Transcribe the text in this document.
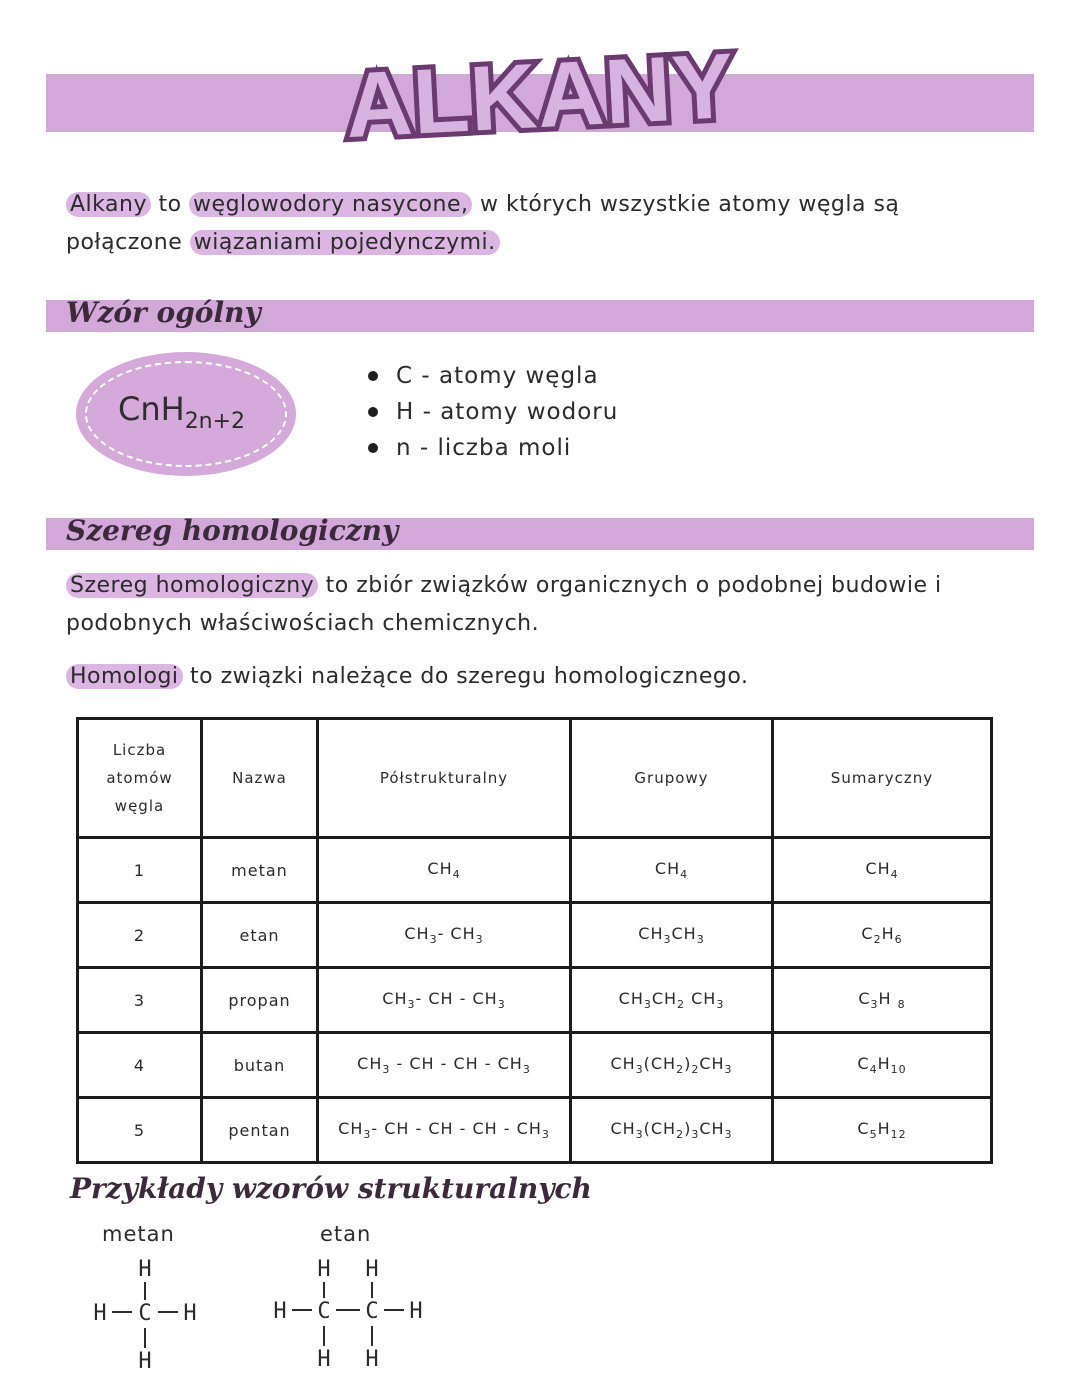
ALKANY
Alkany to węglowodory nasycone, w których wszystkie atomy węgla są
połączone wiązaniami pojedynczymi.
Wzór ogólny
CnH$_{2n+2}$
C - atomy węgla
H - atomy wodoru
n - liczba moli
Szereg homologiczny
Szereg homologiczny to zbiór związków organicznych o podobnej budowie i
podobnych właściwościach chemicznych.
Homologi to związki należące do szeregu homologicznego.
Liczba
atomów
węgla	Nazwa	Półstrukturalny	Grupowy	Sumaryczny
1	metan	$CH_4$	$CH_4$	$CH_4$
2	etan	$CH_3-$ $CH_3$	$CH_3CH_3$	$C_2H_6$
3	propan	$CH_3-$ CH - $CH_3$	$CH_3CH_2$ $CH_3$	$C_3H$ $_8$
4	butan	$CH_3$ - CH - CH - $CH_3$	$CH_3(CH_2)_2CH_3$	$C_4H_{10}$
5	pentan	$CH_3-$ CH - CH - CH - $CH_3$	$CH_3(CH_2)_3CH_3$	$C_5H_{12}$
Przykłady wzorów strukturalnych
metan	etan
H
H C H
H
H H
H C C H
H H
